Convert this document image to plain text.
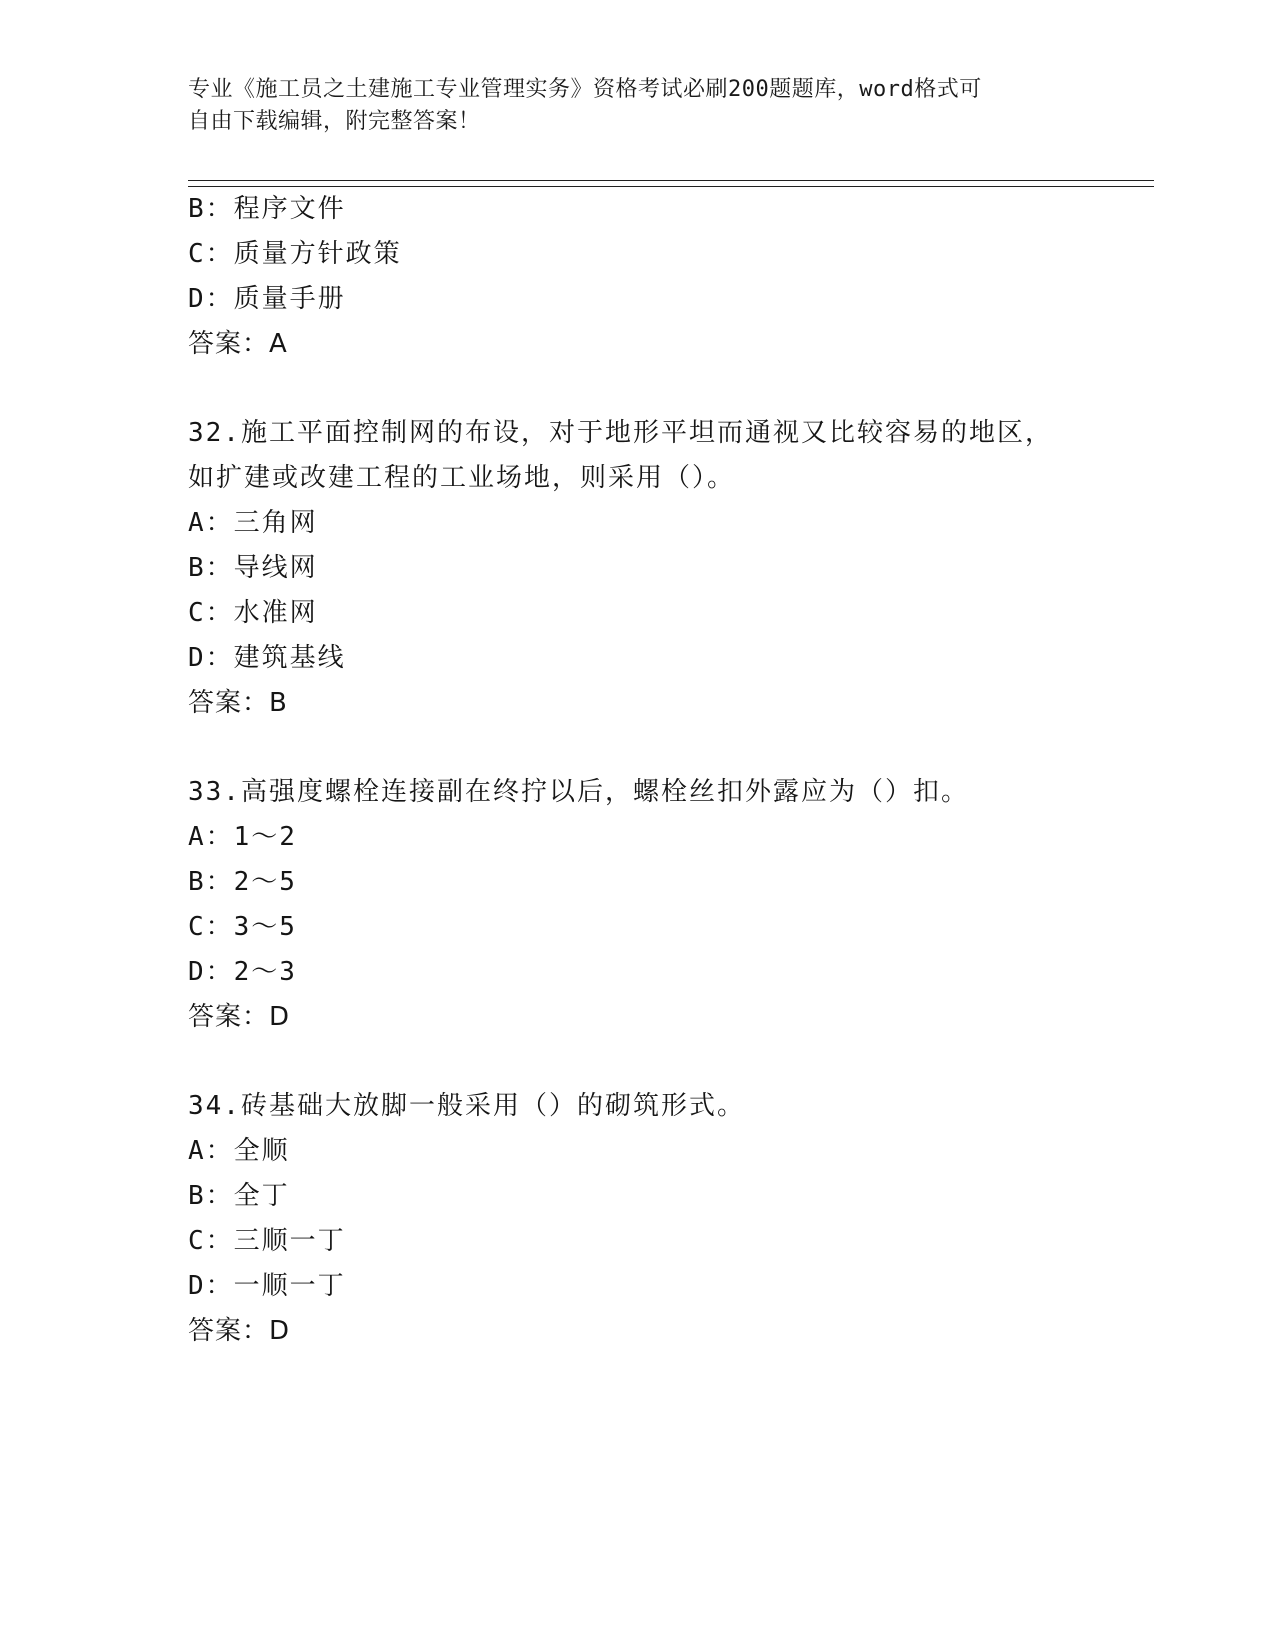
专业《施工员之土建施工专业管理实务》资格考试必刷200题题库，word格式可
自由下载编辑，附完整答案！
B：程序文件
C：质量方针政策
D：质量手册
答案：A
32.施工平面控制网的布设，对于地形平坦而通视又比较容易的地区，
如扩建或改建工程的工业场地，则采用（）。
A：三角网
B：导线网
C：水准网
D：建筑基线
答案：B
33.高强度螺栓连接副在终拧以后，螺栓丝扣外露应为（）扣。
A：1～2
B：2～5
C：3～5
D：2～3
答案：D
34.砖基础大放脚一般采用（）的砌筑形式。
A：全顺
B：全丁
C：三顺一丁
D：一顺一丁
答案：D
